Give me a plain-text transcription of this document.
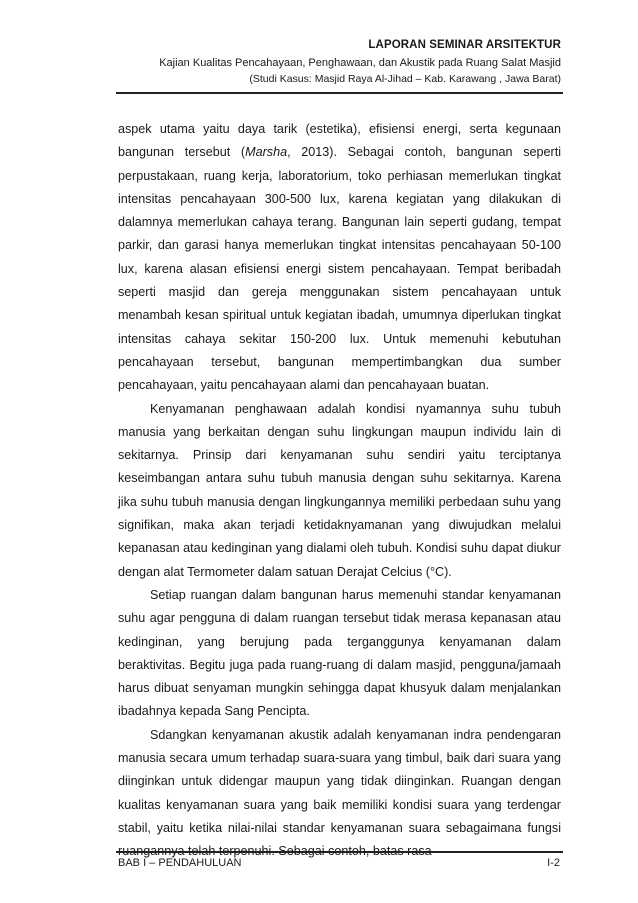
LAPORAN SEMINAR ARSITEKTUR
Kajian Kualitas Pencahayaan, Penghawaan, dan Akustik pada Ruang Salat Masjid
(Studi Kasus: Masjid Raya Al-Jihad – Kab. Karawang , Jawa Barat)

aspek utama yaitu daya tarik (estetika), efisiensi energi, serta kegunaan bangunan tersebut (Marsha, 2013). Sebagai contoh, bangunan seperti perpustakaan, ruang kerja, laboratorium, toko perhiasan memerlukan tingkat intensitas pencahayaan 300-500 lux, karena kegiatan yang dilakukan di dalamnya memerlukan cahaya terang. Bangunan lain seperti gudang, tempat parkir, dan garasi hanya memerlukan tingkat intensitas pencahayaan 50-100 lux, karena alasan efisiensi energi sistem pencahayaan. Tempat beribadah seperti masjid dan gereja menggunakan sistem pencahayaan untuk menambah kesan spiritual untuk kegiatan ibadah, umumnya diperlukan tingkat intensitas cahaya sekitar 150-200 lux. Untuk memenuhi kebutuhan pencahayaan tersebut, bangunan mempertimbangkan dua sumber pencahayaan, yaitu pencahayaan alami dan pencahayaan buatan.

Kenyamanan penghawaan adalah kondisi nyamannya suhu tubuh manusia yang berkaitan dengan suhu lingkungan maupun individu lain di sekitarnya. Prinsip dari kenyamanan suhu sendiri yaitu terciptanya keseimbangan antara suhu tubuh manusia dengan suhu sekitarnya. Karena jika suhu tubuh manusia dengan lingkungannya memiliki perbedaan suhu yang signifikan, maka akan terjadi ketidaknyamanan yang diwujudkan melalui kepanasan atau kedinginan yang dialami oleh tubuh. Kondisi suhu dapat diukur dengan alat Termometer dalam satuan Derajat Celcius (°C).

Setiap ruangan dalam bangunan harus memenuhi standar kenyamanan suhu agar pengguna di dalam ruangan tersebut tidak merasa kepanasan atau kedinginan, yang berujung pada terganggunya kenyamanan dalam beraktivitas. Begitu juga pada ruang-ruang di dalam masjid, pengguna/jamaah harus dibuat senyaman mungkin sehingga dapat khusyuk dalam menjalankan ibadahnya kepada Sang Pencipta.

Sdangkan kenyamanan akustik adalah kenyamanan indra pendengaran manusia secara umum terhadap suara-suara yang timbul, baik dari suara yang diinginkan untuk didengar maupun yang tidak diinginkan. Ruangan dengan kualitas kenyamanan suara yang baik memiliki kondisi suara yang terdengar stabil, yaitu ketika nilai-nilai standar kenyamanan suara sebagaimana fungsi ruangannya telah terpenuhi. Sebagai contoh, batas rasa

BAB I – PENDAHULUAN	I-2
